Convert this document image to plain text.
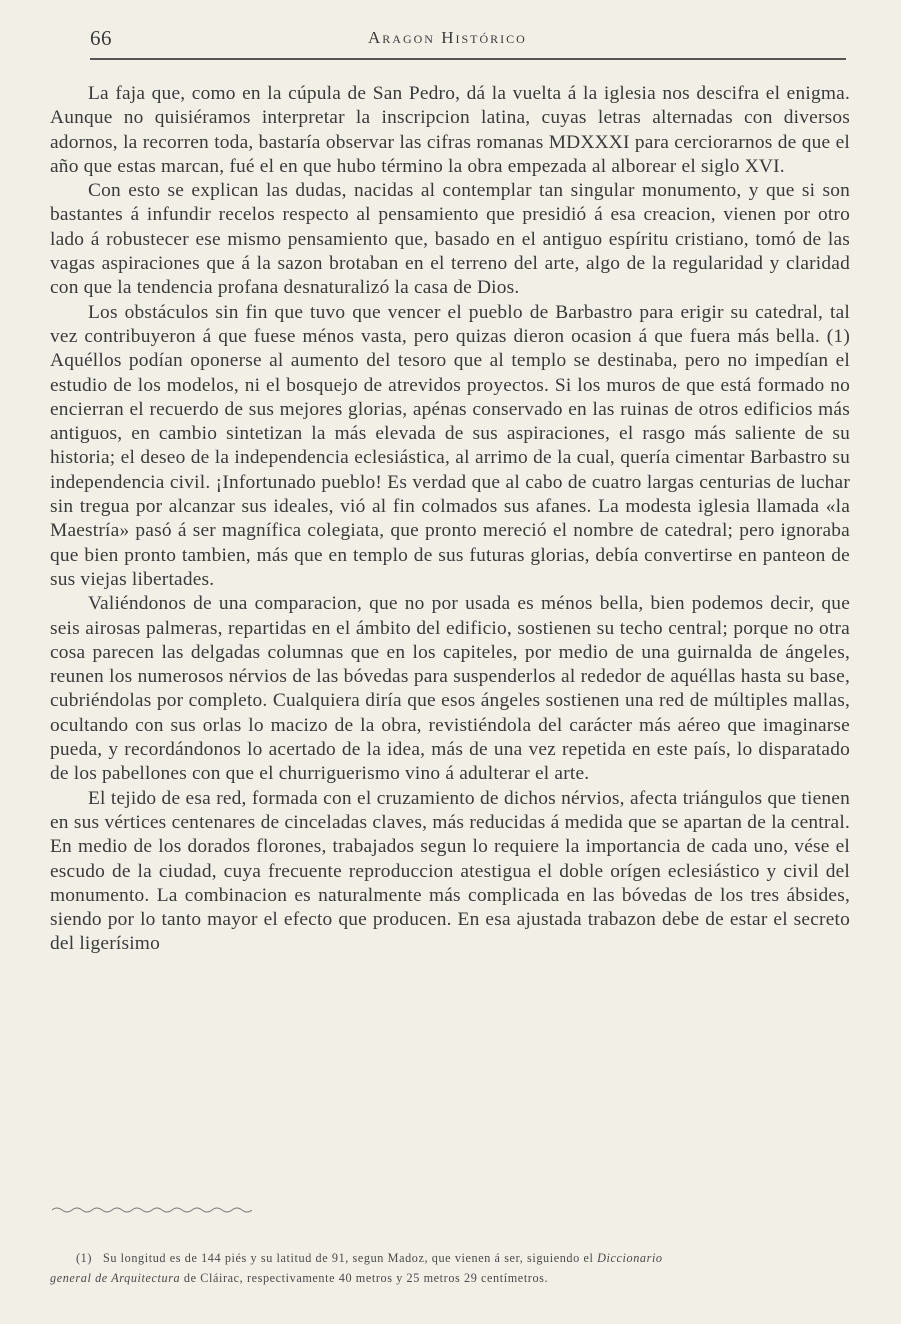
66	Aragon Histórico

La faja que, como en la cúpula de San Pedro, dá la vuelta á la iglesia nos descifra el enigma. Aunque no quisiéramos interpretar la inscripcion latina, cuyas letras alternadas con diversos adornos, la recorren toda, bastaría observar las cifras romanas MDXXXI para cerciorarnos de que el año que estas marcan, fué el en que hubo término la obra empezada al alborear el siglo XVI.

Con esto se explican las dudas, nacidas al contemplar tan singular monumento, y que si son bastantes á infundir recelos respecto al pensamiento que presidió á esa creacion, vienen por otro lado á robustecer ese mismo pensamiento que, basado en el antiguo espíritu cristiano, tomó de las vagas aspiraciones que á la sazon brotaban en el terreno del arte, algo de la regularidad y claridad con que la tendencia profana desnaturalizó la casa de Dios.

Los obstáculos sin fin que tuvo que vencer el pueblo de Barbastro para erigir su catedral, tal vez contribuyeron á que fuese ménos vasta, pero quizas dieron ocasion á que fuera más bella. (1) Aquéllos podían oponerse al aumento del tesoro que al templo se destinaba, pero no impedían el estudio de los modelos, ni el bosquejo de atrevidos proyectos. Si los muros de que está formado no encierran el recuerdo de sus mejores glorias, apénas conservado en las ruinas de otros edificios más antiguos, en cambio sintetizan la más elevada de sus aspiraciones, el rasgo más saliente de su historia; el deseo de la independencia eclesiástica, al arrimo de la cual, quería cimentar Barbastro su independencia civil. ¡Infortunado pueblo! Es verdad que al cabo de cuatro largas centurias de luchar sin tregua por alcanzar sus ideales, vió al fin colmados sus afanes. La modesta iglesia llamada «la Maestría» pasó á ser magnífica colegiata, que pronto mereció el nombre de catedral; pero ignoraba que bien pronto tambien, más que en templo de sus futuras glorias, debía convertirse en panteon de sus viejas libertades.

Valiéndonos de una comparacion, que no por usada es ménos bella, bien podemos decir, que seis airosas palmeras, repartidas en el ámbito del edificio, sostienen su techo central; porque no otra cosa parecen las delgadas columnas que en los capiteles, por medio de una guirnalda de ángeles, reunen los numerosos nérvios de las bóvedas para suspenderlos al rededor de aquéllas hasta su base, cubriéndolas por completo. Cualquiera diría que esos ángeles sostienen una red de múltiples mallas, ocultando con sus orlas lo macizo de la obra, revistiéndola del carácter más aéreo que imaginarse pueda, y recordándonos lo acertado de la idea, más de una vez repetida en este país, lo disparatado de los pabellones con que el churriguerismo vino á adulterar el arte.

El tejido de esa red, formada con el cruzamiento de dichos nérvios, afecta triángulos que tienen en sus vértices centenares de cinceladas claves, más reducidas á medida que se apartan de la central. En medio de los dorados florones, trabajados segun lo requiere la importancia de cada uno, vése el escudo de la ciudad, cuya frecuente reproduccion atestigua el doble orígen eclesiástico y civil del monumento. La combinacion es naturalmente más complicada en las bóvedas de los tres ábsides, siendo por lo tanto mayor el efecto que producen. En esa ajustada trabazon debe de estar el secreto del ligerísimo

(1) Su longitud es de 144 piés y su latitud de 91, segun Madoz, que vienen á ser, siguiendo el Diccionario
general de Arquitectura de Cláirac, respectivamente 40 metros y 25 metros 29 centímetros.
